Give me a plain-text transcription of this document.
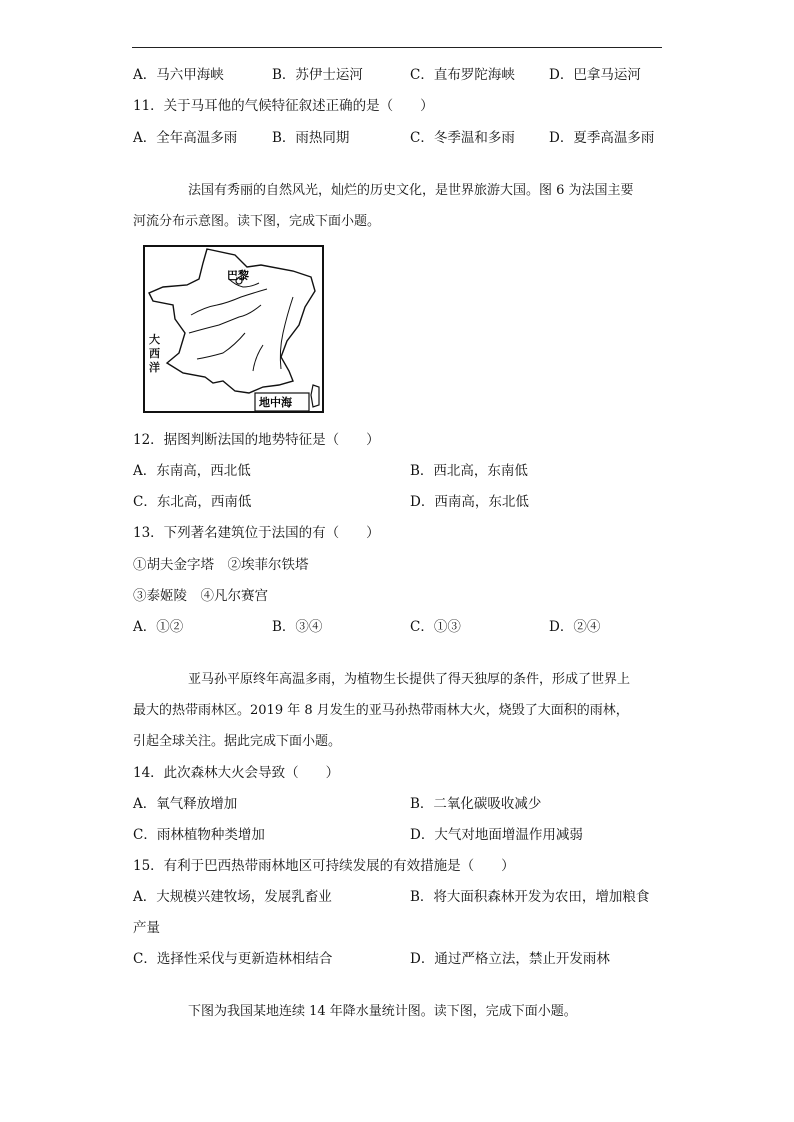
A．马六甲海峡	B．苏伊士运河	C．直布罗陀海峡	D．巴拿马运河
11．关于马耳他的气候特征叙述正确的是（　　）
A．全年高温多雨	B．雨热同期	C．冬季温和多雨	D．夏季高温多雨
法国有秀丽的自然风光，灿烂的历史文化，是世界旅游大国。图 6 为法国主要
河流分布示意图。读下图，完成下面小题。
巴黎
地中海
大西洋
12．据图判断法国的地势特征是（　　）
A．东南高，西北低	B．西北高，东南低
C．东北高，西南低	D．西南高，东北低
13．下列著名建筑位于法国的有（　　）
①胡夫金字塔　②埃菲尔铁塔
③泰姬陵　④凡尔赛宫
A．①②	B．③④	C．①③	D．②④
亚马孙平原终年高温多雨，为植物生长提供了得天独厚的条件，形成了世界上
最大的热带雨林区。2019 年 8 月发生的亚马孙热带雨林大火，烧毁了大面积的雨林，
引起全球关注。据此完成下面小题。
14．此次森林大火会导致（　　）
A．氧气释放增加	B．二氧化碳吸收减少
C．雨林植物种类增加	D．大气对地面增温作用减弱
15．有利于巴西热带雨林地区可持续发展的有效措施是（　　）
A．大规模兴建牧场，发展乳畜业	B．将大面积森林开发为农田，增加粮食
产量
C．选择性采伐与更新造林相结合	D．通过严格立法，禁止开发雨林
下图为我国某地连续 14 年降水量统计图。读下图，完成下面小题。
